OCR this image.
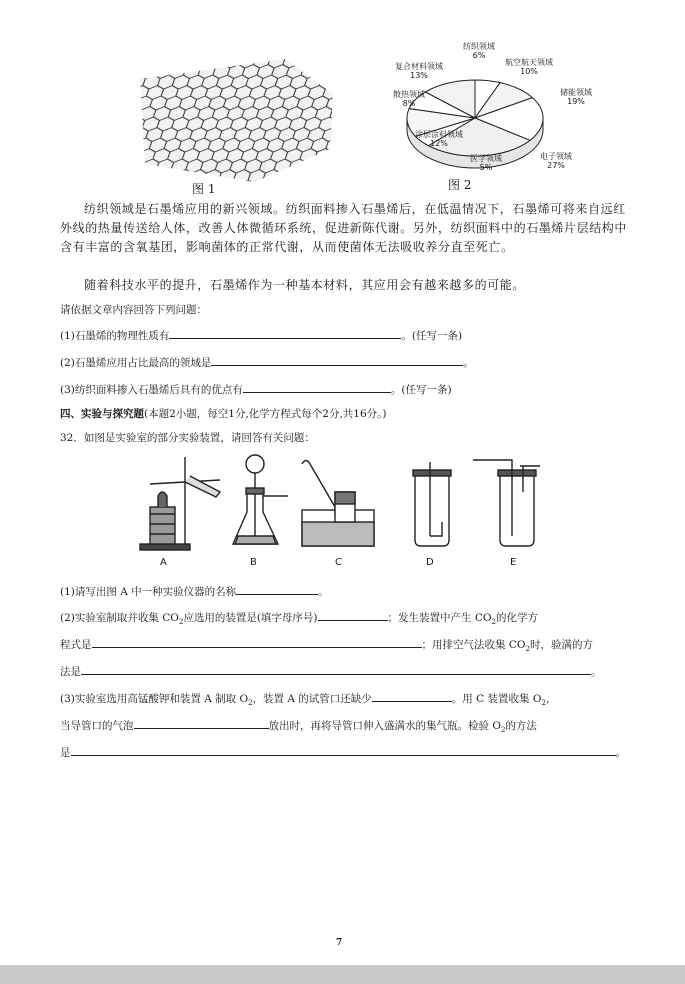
图 1
纺织领域
6%
航空航天领域
10%
储能领域
19%
电子领域
27%
医学领域
5%
涂层涂料领域
12%
散热领域
8%
复合材料领域
13%
图 2
纺织领域是石墨烯应用的新兴领域。纺织面料掺入石墨烯后，在低温情况下，石墨烯可将来自远红外线的热量传送给人体，改善人体微循环系统，促进新陈代谢。另外，纺织面料中的石墨烯片层结构中含有丰富的含氧基团，影响菌体的正常代谢，从而使菌体无法吸收养分直至死亡。
随着科技水平的提升，石墨烯作为一种基本材料，其应用会有越来越多的可能。
请依据文章内容回答下列问题：
(1)石墨烯的物理性质有	。(任写一条)
(2)石墨烯应用占比最高的领域是	。
(3)纺织面料掺入石墨烯后具有的优点有	。(任写一条)
四、实验与探究题(本题2小题，每空1分,化学方程式每个2分,共16分。)
32．如图是实验室的部分实验装置，请回答有关问题：
A	B	C	D	E
(1)请写出图 A 中一种实验仪器的名称	。
(2)实验室制取并收集 $CO_2$应选用的装置是(填字母序号)	；发生装置中产生 $CO_2$的化学方
程式是	；用排空气法收集 $CO_2$时，验满的方
法是	。
(3)实验室选用高锰酸钾和装置 A 制取 $O_2$，装置 A 的试管口还缺少	。用 C 装置收集 $O_2$，
当导管口的气泡	放出时，再将导管口伸入盛满水的集气瓶。检验 $O_2$的方法
是	。
7
